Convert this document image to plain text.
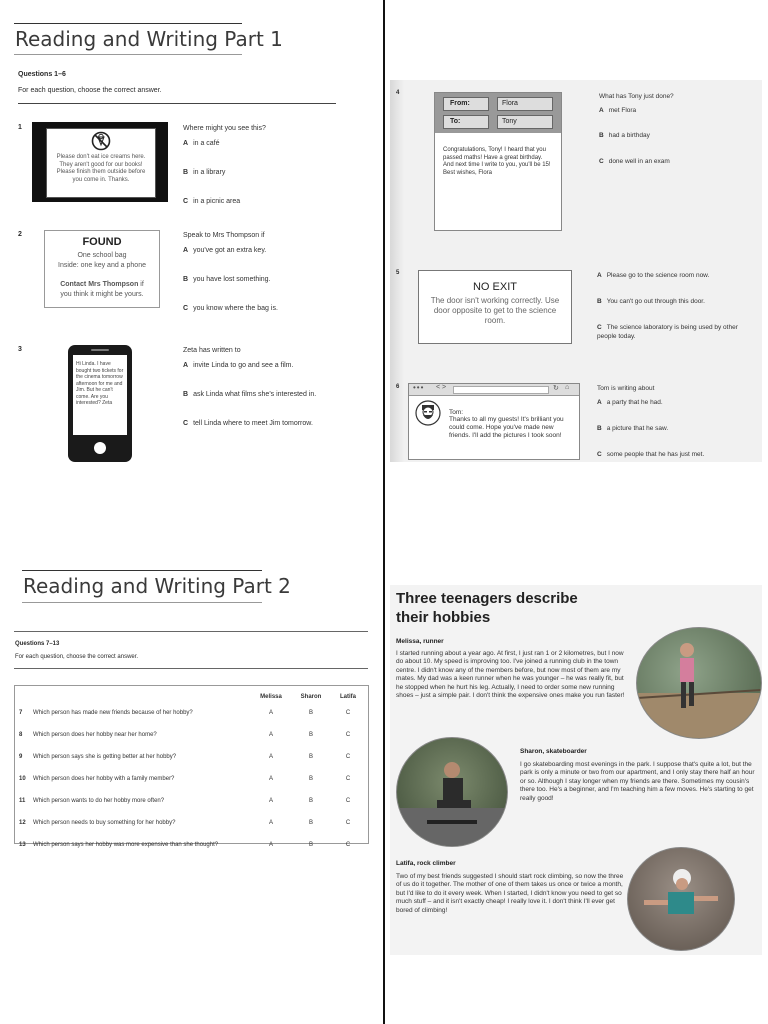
Reading and Writing Part 1
Questions 1–6
For each question, choose the correct answer.
1
Please don't eat ice creams here. They aren't good for our books! Please finish them outside before you come in. Thanks.
Where might you see this?
A in a café
B in a library
C in a picnic area
2
FOUND
One school bag
Inside: one key and a phone
Contact Mrs Thompson if
you think it might be yours.
Speak to Mrs Thompson if
A you've got an extra key.
B you have lost something.
C you know where the bag is.
3
Hi Linda. I have bought two tickets for the cinema tomorrow afternoon for me and Jim. But he can't come. Are you interested? Zeta
Zeta has written to
A invite Linda to go and see a film.
B ask Linda what films she's interested in.
C tell Linda where to meet Jim tomorrow.
4
From:	Flora
To:	Tony
Congratulations, Tony! I heard that you passed maths! Have a great birthday. And next time I write to you, you'll be 15! Best wishes, Flora
What has Tony just done?
A met Flora
B had a birthday
C done well in an exam
5
NO EXIT
The door isn't working correctly. Use door opposite to get to the science room.
A Please go to the science room now.
B You can't go out through this door.
C The science laboratory is being used by other people today.
6 ••• < >	↻ ⌂
Tom:
Thanks to all my guests! It's brilliant you could come. Hope you've made new friends. I'll add the pictures I took soon!
Tom is writing about
A a party that he had.
B a picture that he saw.
C some people that he has just met.
Reading and Writing Part 2
Questions 7–13
For each question, choose the correct answer.
		Melissa	Sharon	Latifa
7	Which person has made new friends because of her hobby?	A	B	C
8	Which person does her hobby near her home?	A	B	C
9	Which person says she is getting better at her hobby?	A	B	C
10	Which person does her hobby with a family member?	A	B	C
11	Which person wants to do her hobby more often?	A	B	C
12	Which person needs to buy something for her hobby?	A	B	C
13	Which person says her hobby was more expensive than she thought?	A	B	C
Three teenagers describe
their hobbies
Melissa, runner
I started running about a year ago. At first, I just ran 1 or 2 kilometres, but I now do about 10. My speed is improving too. I've joined a running club in the town centre. I didn't know any of the members before, but now most of them are my mates. My dad was a keen runner when he was younger – he was really fit, but he stopped when he hurt his leg. Actually, I need to order some new running shoes – just a simple pair. I don't think the expensive ones make you run faster!
Sharon, skateboarder
I go skateboarding most evenings in the park. I suppose that's quite a lot, but the park is only a minute or two from our apartment, and I only stay there half an hour or so. Although I stay longer when my friends are there. Sometimes my cousin's there too. He's a beginner, and I'm teaching him a few moves. He's starting to get really good!
Latifa, rock climber
Two of my best friends suggested I should start rock climbing, so now the three of us do it together. The mother of one of them takes us once or twice a month, but I'd like to do it every week. When I started, I didn't know you need to get so much stuff – and it isn't exactly cheap! I really love it. I don't think I'll ever get bored of climbing!
